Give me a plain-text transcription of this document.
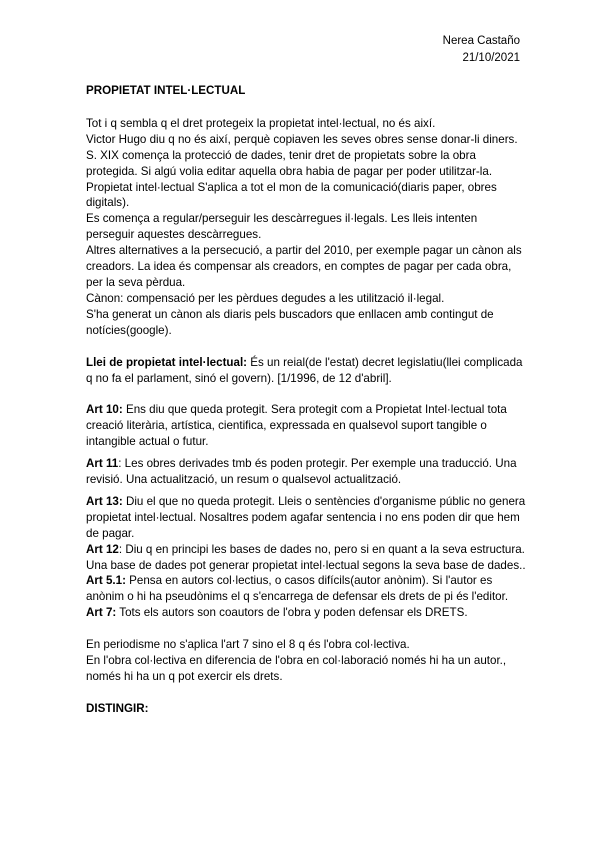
Nerea Castaño
21/10/2021

PROPIETAT INTEL·LECTUAL

Tot i q sembla q el dret protegeix la propietat intel·lectual, no és així.

Victor Hugo diu q no és així, perquè copiaven les seves obres sense donar-li diners.

S. XIX comença la protecció de dades, tenir dret de propietats sobre la obra protegida. Si algú volia editar aquella obra habia de pagar per poder utilitzar-la.

Propietat intel·lectual S'aplica a tot el mon de la comunicació(diaris paper, obres digitals).

Es comença a regular/perseguir les descàrregues il·legals. Les lleis intenten perseguir aquestes descàrregues.

Altres alternatives a la persecució, a partir del 2010, per exemple pagar un cànon als creadors. La idea és compensar als creadors, en comptes de pagar per cada obra, per la seva pèrdua.

Cànon: compensació per les pèrdues degudes a les utilització il·legal.

S'ha generat un cànon als diaris pels buscadors que enllacen amb contingut de notícies(google).

Llei de propietat intel·lectual: És un reial(de l'estat) decret legislatiu(llei complicada q no fa el parlament, sinó el govern). [1/1996, de 12 d'abril].

Art 10: Ens diu que queda protegit. Sera protegit com a Propietat Intel·lectual tota creació literària, artística, cientifica, expressada en qualsevol suport tangible o intangible actual o futur.

Art 11: Les obres derivades tmb és poden protegir. Per exemple una traducció. Una revisió. Una actualització, un resum o qualsevol actualització.

Art 13: Diu el que no queda protegit. Lleis o sentències d'organisme públic no genera propietat intel·lectual. Nosaltres podem agafar sentencia i no ens poden dir que hem de pagar.

Art 12: Diu q en principi les bases de dades no, pero si en quant a la seva estructura. Una base de dades pot generar propietat intel·lectual segons la seva base de dades..

Art 5.1: Pensa en autors col·lectius, o casos difícils(autor anònim). Si l'autor es anònim o hi ha pseudònims el q s'encarrega de defensar els drets de pi és l'editor.

Art 7: Tots els autors son coautors de l'obra y poden defensar els DRETS.

En periodisme no s'aplica l'art 7 sino el 8 q és l'obra col·lectiva.

En l'obra col·lectiva en diferencia de l'obra en col·laboració només hi ha un autor., només hi ha un q pot exercir els drets.

DISTINGIR:
